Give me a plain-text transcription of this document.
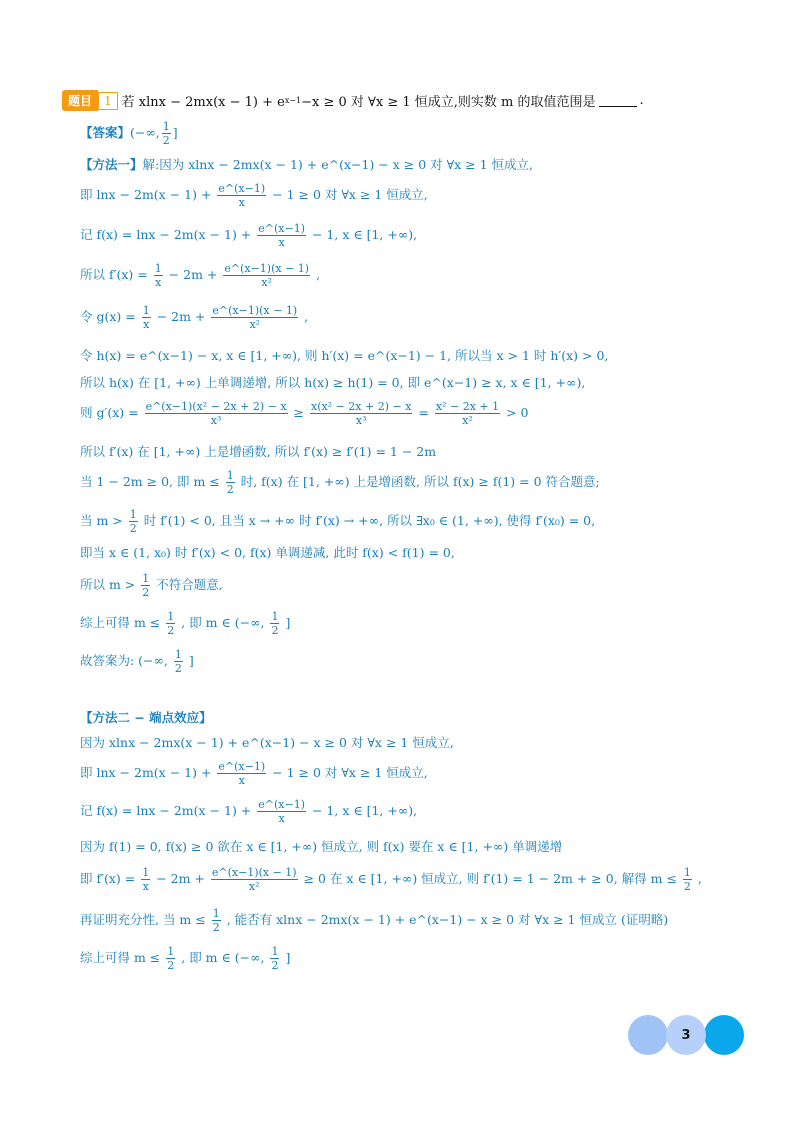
题目	1 若 xlnx − 2mx(x − 1) + e x−1 −x ≥ 0 对 ∀x ≥ 1 恒成立,则实数 m 的取值范围是	.
【答案】(−∞, $\frac{1}{2}$ ]
【方法一】解:因为 xlnx − 2mx(x − 1) + e^(x−1) − x ≥ 0 对 ∀x ≥ 1 恒成立,
即 $\ln x - 2m(x - 1) + \frac{e\^{}(x-1)}{x} - 1 \ge 0$ 对 ∀x ≥ 1 恒成立,
记 $f(x) = \ln x - 2m(x - 1) + \frac{e\^{}(x-1)}{x} - 1$, x ∈ [1, +∞),
所以 $f'(x) = \frac{1}{x} - 2m + \frac{e\^{}(x-1)(x - 1)}{\text{x²}}$ ,
令 $g(x) = \frac{1}{x} - 2m + \frac{e\^{}(x-1)(x - 1)}{\text{x²}}$ ,
令 h(x) = e^(x−1) − x, x ∈ [1, +∞), 则 h′(x) = e^(x−1) − 1, 所以当 x > 1 时 h′(x) > 0,
所以 h(x) 在 [1, +∞) 上单调递增, 所以 h(x) ≥ h(1) = 0, 即 e^(x−1) ≥ x, x ∈ [1, +∞),
则 $g'(x) = \frac{\text{e\textasciicircum{}(x−1)(x² − 2x + 2) − x}}{\text{x³}} \ge \frac{\text{x(x² − 2x + 2) − x}}{\text{x³}} = \frac{\text{x² − 2x + 1}}{\text{x²}} > 0$
所以 f′(x) 在 [1, +∞) 上是增函数, 所以 f′(x) ≥ f′(1) = 1 − 2m
当 1 − 2m ≥ 0, 即 $m \le \frac{1}{2}$ 时, f(x) 在 [1, +∞) 上是增函数, 所以 f(x) ≥ f(1) = 0 符合题意;
当 $m > \frac{1}{2}$ 时 f′(1) < 0, 且当 x → +∞ 时 f′(x) → +∞, 所以 ∃x₀ ∈ (1, +∞), 使得 f′(x₀) = 0,
即当 x ∈ (1, x₀) 时 f′(x) < 0, f(x) 单调递减, 此时 f(x) < f(1) = 0,
所以 $m > \frac{1}{2}$ 不符合题意,
综上可得 $m \le \frac{1}{2}$ , 即 m ∈ (−∞, $\frac{1}{2}$ ]
故答案为: (−∞, $\frac{1}{2}$ ]
【方法二 − 端点效应】
因为 xlnx − 2mx(x − 1) + e^(x−1) − x ≥ 0 对 ∀x ≥ 1 恒成立,
即 $\ln x - 2m(x - 1) + \frac{e\^{}(x-1)}{x} - 1 \ge 0$ 对 ∀x ≥ 1 恒成立,
记 $f(x) = \ln x - 2m(x - 1) + \frac{e\^{}(x-1)}{x} - 1$, x ∈ [1, +∞),
因为 f(1) = 0, f(x) ≥ 0 欲在 x ∈ [1, +∞) 恒成立, 则 f(x) 要在 x ∈ [1, +∞) 单调递增
即 $f'(x) = \frac{1}{x} - 2m + \frac{e\^{}(x-1)(x - 1)}{\text{x²}} \ge 0$ 在 x ∈ [1, +∞) 恒成立, 则 f′(1) = 1 − 2m + ≥ 0, 解得 $m \le \frac{1}{2}$ ,
再证明充分性, 当 $m \le \frac{1}{2}$ , 能否有 xlnx − 2mx(x − 1) + e^(x−1) − x ≥ 0 对 ∀x ≥ 1 恒成立 (证明略)
综上可得 $m \le \frac{1}{2}$ , 即 m ∈ (−∞, $\frac{1}{2}$ ]
3
